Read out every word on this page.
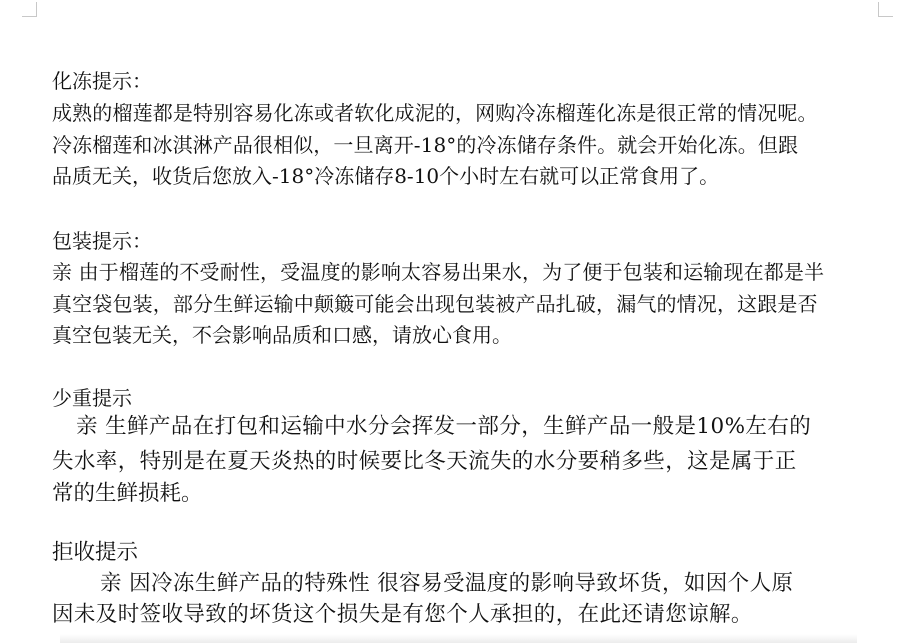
化冻提示：
成熟的榴莲都是特别容易化冻或者软化成泥的，网购冷冻榴莲化冻是很正常的情况呢。
冷冻榴莲和冰淇淋产品很相似，一旦离开-18°的冷冻储存条件。就会开始化冻。但跟
品质无关，收货后您放入-18°冷冻储存8-10个小时左右就可以正常食用了。
包装提示：
亲 由于榴莲的不受耐性，受温度的影响太容易出果水，为了便于包装和运输现在都是半
真空袋包装，部分生鲜运输中颠簸可能会出现包装被产品扎破，漏气的情况，这跟是否
真空包装无关，不会影响品质和口感，请放心食用。
少重提示
亲 生鲜产品在打包和运输中水分会挥发一部分，生鲜产品一般是10%左右的
失水率，特别是在夏天炎热的时候要比冬天流失的水分要稍多些，这是属于正
常的生鲜损耗。
拒收提示
亲 因冷冻生鲜产品的特殊性 很容易受温度的影响导致坏货，如因个人原
因未及时签收导致的坏货这个损失是有您个人承担的，在此还请您谅解。
